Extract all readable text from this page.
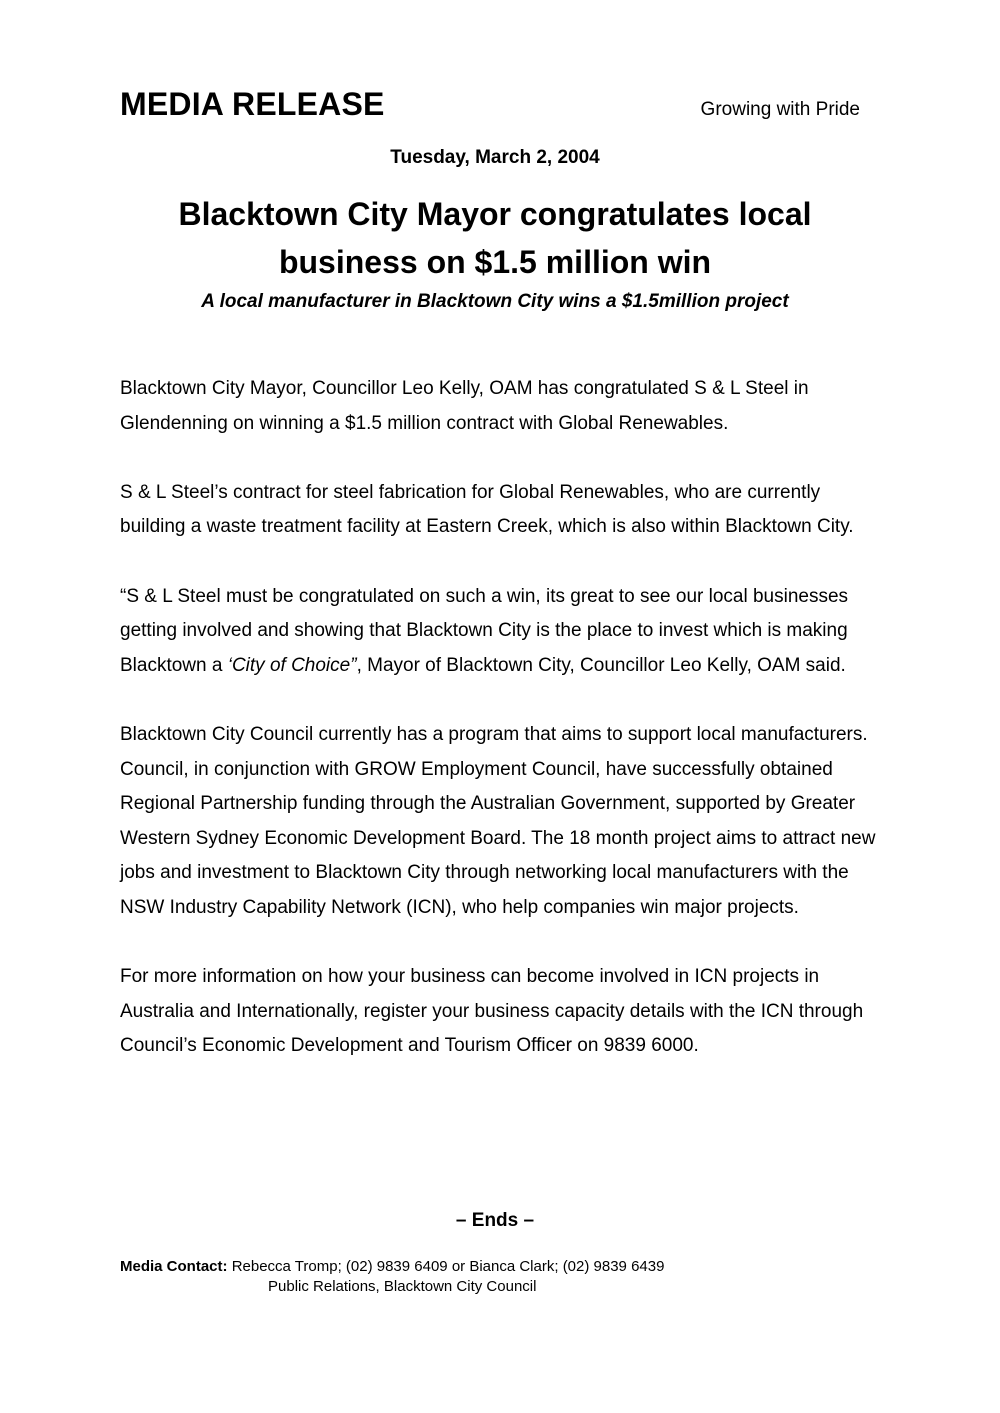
MEDIA RELEASE	Growing with Pride
Tuesday, March 2, 2004
Blacktown City Mayor congratulates local
business on $1.5 million win
A local manufacturer in Blacktown City wins a $1.5million project

Blacktown City Mayor, Councillor Leo Kelly, OAM has congratulated S & L Steel in Glendenning on winning a $1.5 million contract with Global Renewables.

S & L Steel’s contract for steel fabrication for Global Renewables, who are currently building a waste treatment facility at Eastern Creek, which is also within Blacktown City.

“S & L Steel must be congratulated on such a win, its great to see our local businesses getting involved and showing that Blacktown City is the place to invest which is making Blacktown a ‘City of Choice”, Mayor of Blacktown City, Councillor Leo Kelly, OAM said.

Blacktown City Council currently has a program that aims to support local manufacturers. Council, in conjunction with GROW Employment Council, have successfully obtained Regional Partnership funding through the Australian Government, supported by Greater Western Sydney Economic Development Board. The 18 month project aims to attract new jobs and investment to Blacktown City through networking local manufacturers with the NSW Industry Capability Network (ICN), who help companies win major projects.

For more information on how your business can become involved in ICN projects in Australia and Internationally, register your business capacity details with the ICN through Council’s Economic Development and Tourism Officer on 9839 6000.

– Ends –
Media Contact: Rebecca Tromp; (02) 9839 6409 or Bianca Clark; (02) 9839 6439
Public Relations, Blacktown City Council
